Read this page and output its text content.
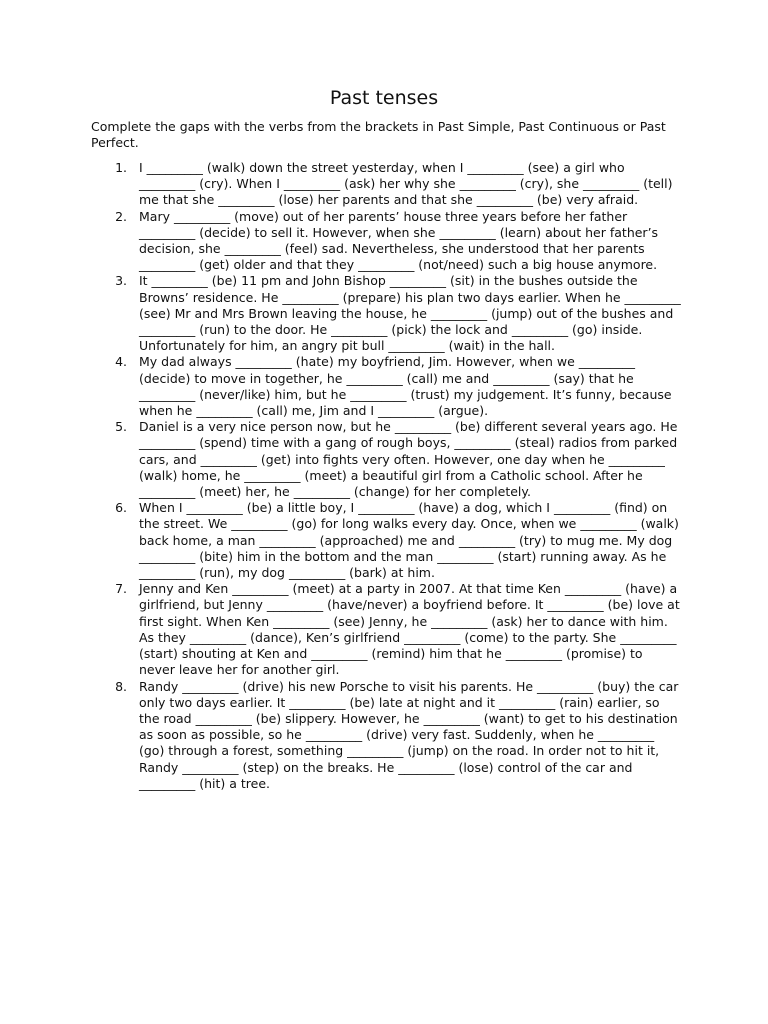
Past tenses

Complete the gaps with the verbs from the brackets in Past Simple, Past Continuous or Past Perfect.

1. I _________ (walk) down the street yesterday, when I _________ (see) a girl who _________ (cry). When I _________ (ask) her why she _________ (cry), she _________ (tell) me that she _________ (lose) her parents and that she _________ (be) very afraid.
2. Mary _________ (move) out of her parents’ house three years before her father _________ (decide) to sell it. However, when she _________ (learn) about her father’s decision, she _________ (feel) sad. Nevertheless, she understood that her parents _________ (get) older and that they _________ (not/need) such a big house anymore.
3. It _________ (be) 11 pm and John Bishop _________ (sit) in the bushes outside the Browns’ residence. He _________ (prepare) his plan two days earlier. When he _________ (see) Mr and Mrs Brown leaving the house, he _________ (jump) out of the bushes and _________ (run) to the door. He _________ (pick) the lock and _________ (go) inside. Unfortunately for him, an angry pit bull _________ (wait) in the hall.
4. My dad always _________ (hate) my boyfriend, Jim. However, when we _________ (decide) to move in together, he _________ (call) me and _________ (say) that he _________ (never/like) him, but he _________ (trust) my judgement. It’s funny, because when he _________ (call) me, Jim and I _________ (argue).
5. Daniel is a very nice person now, but he _________ (be) different several years ago. He _________ (spend) time with a gang of rough boys, _________ (steal) radios from parked cars, and _________ (get) into fights very often. However, one day when he _________ (walk) home, he _________ (meet) a beautiful girl from a Catholic school. After he _________ (meet) her, he _________ (change) for her completely.
6. When I _________ (be) a little boy, I _________ (have) a dog, which I _________ (find) on the street. We _________ (go) for long walks every day. Once, when we _________ (walk) back home, a man _________ (approached) me and _________ (try) to mug me. My dog _________ (bite) him in the bottom and the man _________ (start) running away. As he _________ (run), my dog _________ (bark) at him.
7. Jenny and Ken _________ (meet) at a party in 2007. At that time Ken _________ (have) a girlfriend, but Jenny _________ (have/never) a boyfriend before. It _________ (be) love at first sight. When Ken _________ (see) Jenny, he _________ (ask) her to dance with him. As they _________ (dance), Ken’s girlfriend _________ (come) to the party. She _________ (start) shouting at Ken and _________ (remind) him that he _________ (promise) to never leave her for another girl.
8. Randy _________ (drive) his new Porsche to visit his parents. He _________ (buy) the car only two days earlier. It _________ (be) late at night and it _________ (rain) earlier, so the road _________ (be) slippery. However, he _________ (want) to get to his destination as soon as possible, so he _________ (drive) very fast. Suddenly, when he _________ (go) through a forest, something _________ (jump) on the road. In order not to hit it, Randy _________ (step) on the breaks. He _________ (lose) control of the car and _________ (hit) a tree.
